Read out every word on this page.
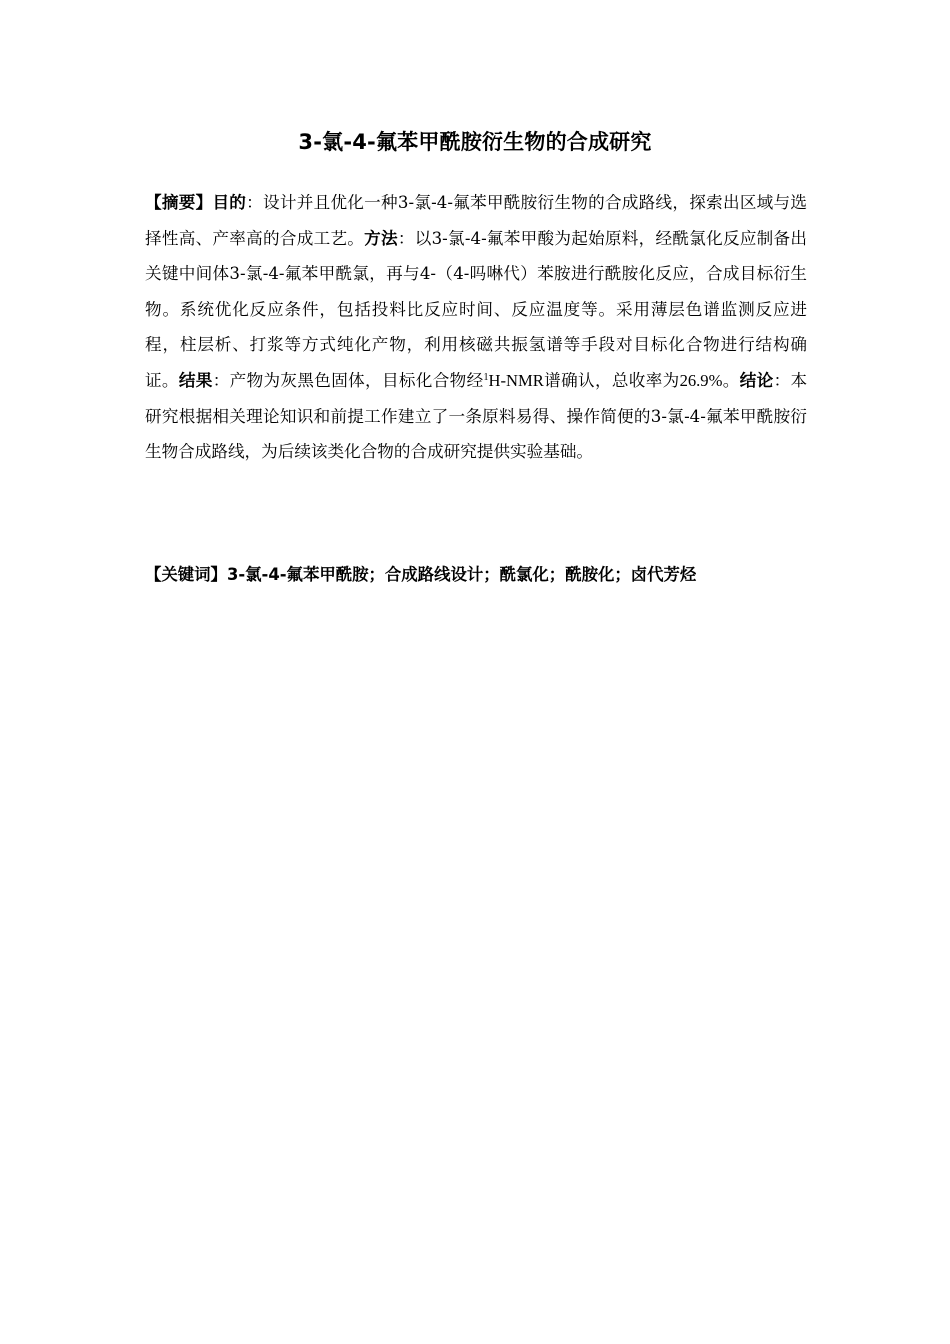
3-氯-4-氟苯甲酰胺衍生物的合成研究
【摘要】目的：设计并且优化一种3-氯-4-氟苯甲酰胺衍生物的合成路线，探索出区域与选择性高、产率高的合成工艺。方法：以3-氯-4-氟苯甲酸为起始原料，经酰氯化反应制备出关键中间体3-氯-4-氟苯甲酰氯，再与4-（4-吗啉代）苯胺进行酰胺化反应，合成目标衍生物。系统优化反应条件，包括投料比反应时间、反应温度等。采用薄层色谱监测反应进程，柱层析、打浆等方式纯化产物，利用核磁共振氢谱等手段对目标化合物进行结构确证。结果：产物为灰黑色固体，目标化合物经$^1$H-NMR谱确认，总收率为26.9%。结论：本研究根据相关理论知识和前提工作建立了一条原料易得、操作简便的3-氯-4-氟苯甲酰胺衍生物合成路线，为后续该类化合物的合成研究提供实验基础。
【关键词】3-氯-4-氟苯甲酰胺；合成路线设计；酰氯化；酰胺化；卤代芳烃
